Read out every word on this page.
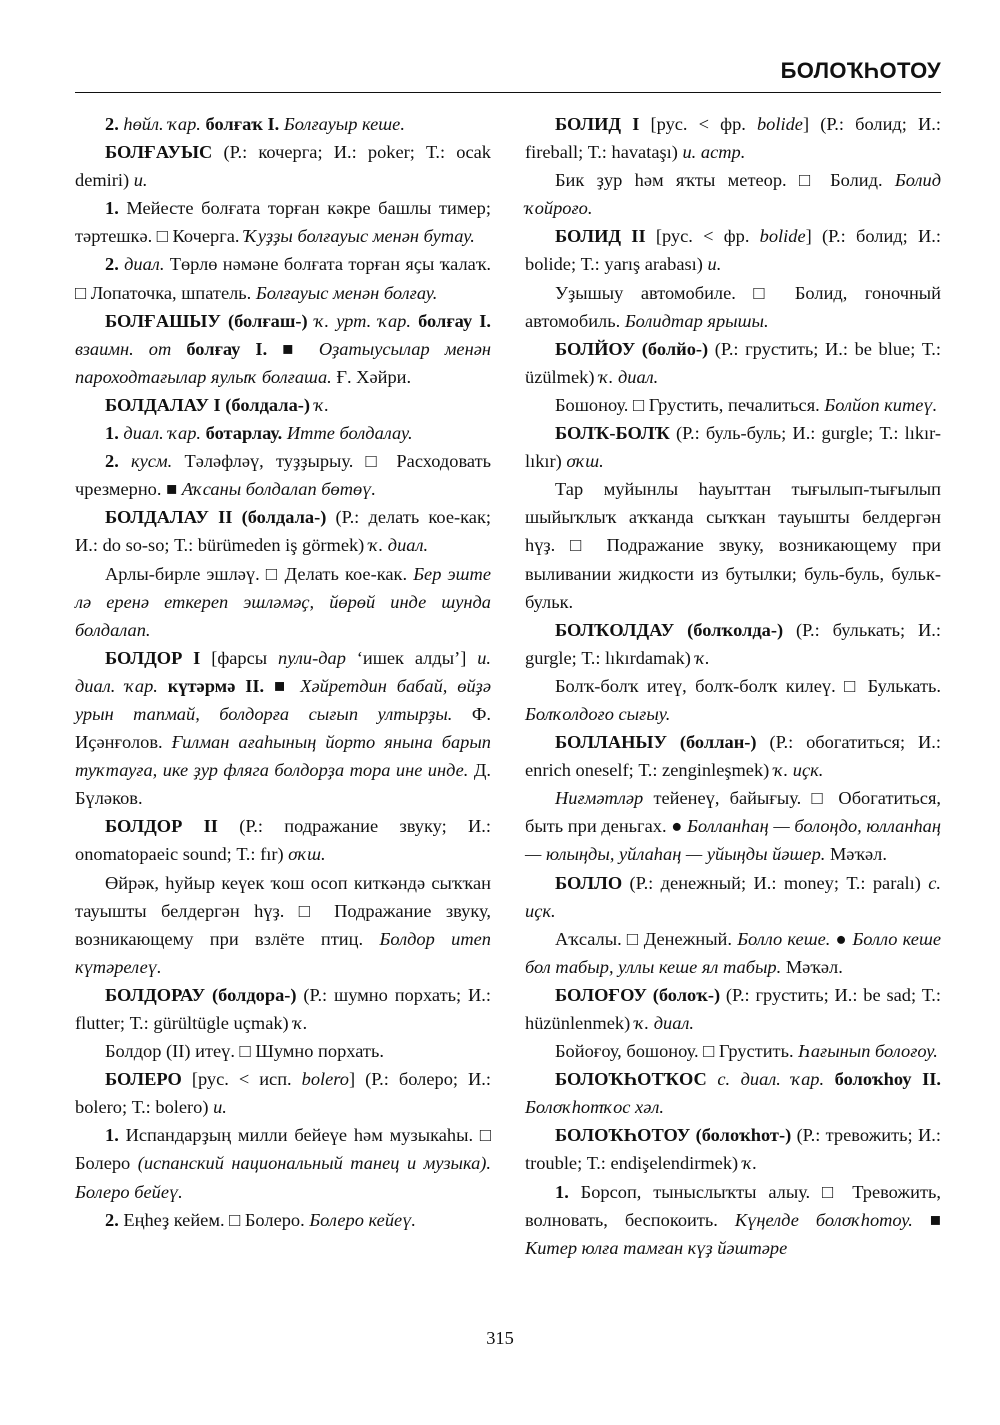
БОЛОҠҺОТОУ

2. һөйл. ҡар. болғаҡ I. Болғауыр кеше.

БОЛҒАУЫС (Р.: кочерга; И.: poker; Т.: ocak demiri) и.

1. Мейесте болғата торған кәкре башлы тимер; тәртешкә. □ Кочерга. Ҡуҙҙы болғауыс менән бутау.

2. диал. Төрлө нәмәне болғата торған яҫы ҡалаҡ. □ Лопаточка, шпатель. Болғауыс менән болғау.

БОЛҒАШЫУ (болғаш-) ҡ. урт. ҡар. болғау I. взаимн. от болғау I. ■ Оҙатыусылар менән пароходтағылар яулыҡ болғаша. Ғ. Хәйри.

БОЛДАЛАУ I (болдала-) ҡ.

1. диал. ҡар. ботарлау. Итте болдалау.

2. кусм. Тәләфләү, туҙҙырыу. □ Расходовать чрезмерно. ■ Аҡсаны болдалап бөтөү.

БОЛДАЛАУ II (болдала-) (Р.: делать кое-как; И.: do so-so; Т.: bürümeden iş görmek) ҡ. диал.

Арлы-бирле эшләү. □ Делать кое-как. Бер эште лә еренә еткереп эшләмәҫ, йөрөй инде шунда болдалап.

БОЛДОР I [фарсы пули-дар ‘ишек алды’] и. диал. ҡар. күтәрмә II. ■ Хәйретдин бабай, өйҙә урын тапмай, болдорға сығып ултырҙы. Ф. Иҫәнғолов. Ғилман ағаһының йорто янына барып туҡтауға, ике ҙур фляга болдорҙа тора ине инде. Д. Бүләков.

БОЛДОР II (Р.: подражание звуку; И.: onomatopaeic sound; Т.: fır) оҡш.

Өйрәк, һуйыр кеүек ҡош осоп киткәндә сыҡҡан тауышты белдергән һүҙ. □ Подражание звуку, возникающему при взлёте птиц. Болдор итеп күтәрелеү.

БОЛДОРАУ (болдора-) (Р.: шумно порхать; И.: flutter; Т.: gürültügle uçmak) ҡ.

Болдор (II) итеү. □ Шумно порхать.

БОЛЕРО [рус. < исп. bolero] (Р.: болеро; И.: bolero; Т.: bolero) и.

1. Испандарҙың милли бейеүе һәм музыкаһы. □ Болеро (испанский национальный танец и музыка). Болеро бейеү.

2. Еңһеҙ кейем. □ Болеро. Болеро кейеү.

БОЛИД I [рус. < фр. bolide] (Р.: болид; И.: fireball; Т.: havataşı) и. астр.

Бик ҙур һәм яҡты метеор. □ Болид. Болид ҡойроғо.

БОЛИД II [рус. < фр. bolide] (Р.: болид; И.: bolide; Т.: yarış arabası) и.

Уҙышыу автомобиле. □ Болид, гоночный автомобиль. Болидтар ярышы.

БОЛЙОУ (болйо-) (Р.: грустить; И.: be blue; Т.: üzülmek) ҡ. диал.

Бошоноу. □ Грустить, печалиться. Болйоп китеү.

БОЛҠ-БОЛҠ (Р.: буль-буль; И.: gurgle; Т.: lıkır-lıkır) оҡш.

Тар муйынлы һауыттан тығылып-тығылып шыйыҡлыҡ аҡҡанда сыҡҡан тауышты белдергән һүҙ. □ Подражание звуку, возникающему при выливании жидкости из бутылки; буль-буль, бульк-бульк.

БОЛҠОЛДАУ (болҡолда-) (Р.: булькать; И.: gurgle; Т.: lıkırdamak) ҡ.

Болҡ-болҡ итеү, болҡ-болҡ килеү. □ Булькать. Болҡолдоғо сығыу.

БОЛЛАНЫУ (боллан-) (Р.: обогатиться; И.: enrich oneself; Т.: zenginleşmek) ҡ. иҫк.

Ниғмәтләр тейенеү, байығыу. □ Обогатиться, быть при деньгах. ● Болланһаң — болоңдо, юлланһаң — юлыңды, уйлаһаң — уйыңды йәшер. Мәҡәл.

БОЛЛО (Р.: денежный; И.: money; Т.: paralı) с. иҫк.

Аҡсалы. □ Денежный. Болло кеше. ● Болло кеше бол табыр, уллы кеше ял табыр. Мәҡәл.

БОЛОҒОУ (болоҡ-) (Р.: грустить; И.: be sad; Т.: hüzünlenmek) ҡ. диал.

Бойоғоу, бошоноу. □ Грустить. Һағынып болоғоу.

БОЛОҠҺОТҠОС с. диал. ҡар. болоҡһоу II. Болоҡһотҡос хәл.

БОЛОҠҺОТОУ (болоҡһот-) (Р.: тревожить; И.: trouble; Т.: endişelendirmek) ҡ.

1. Борсоп, тыныслыҡты алыу. □ Тревожить, волновать, беспокоить. Күңелде болоҡһотоу. ■ Китер юлға тамған күҙ йәштәре

315
